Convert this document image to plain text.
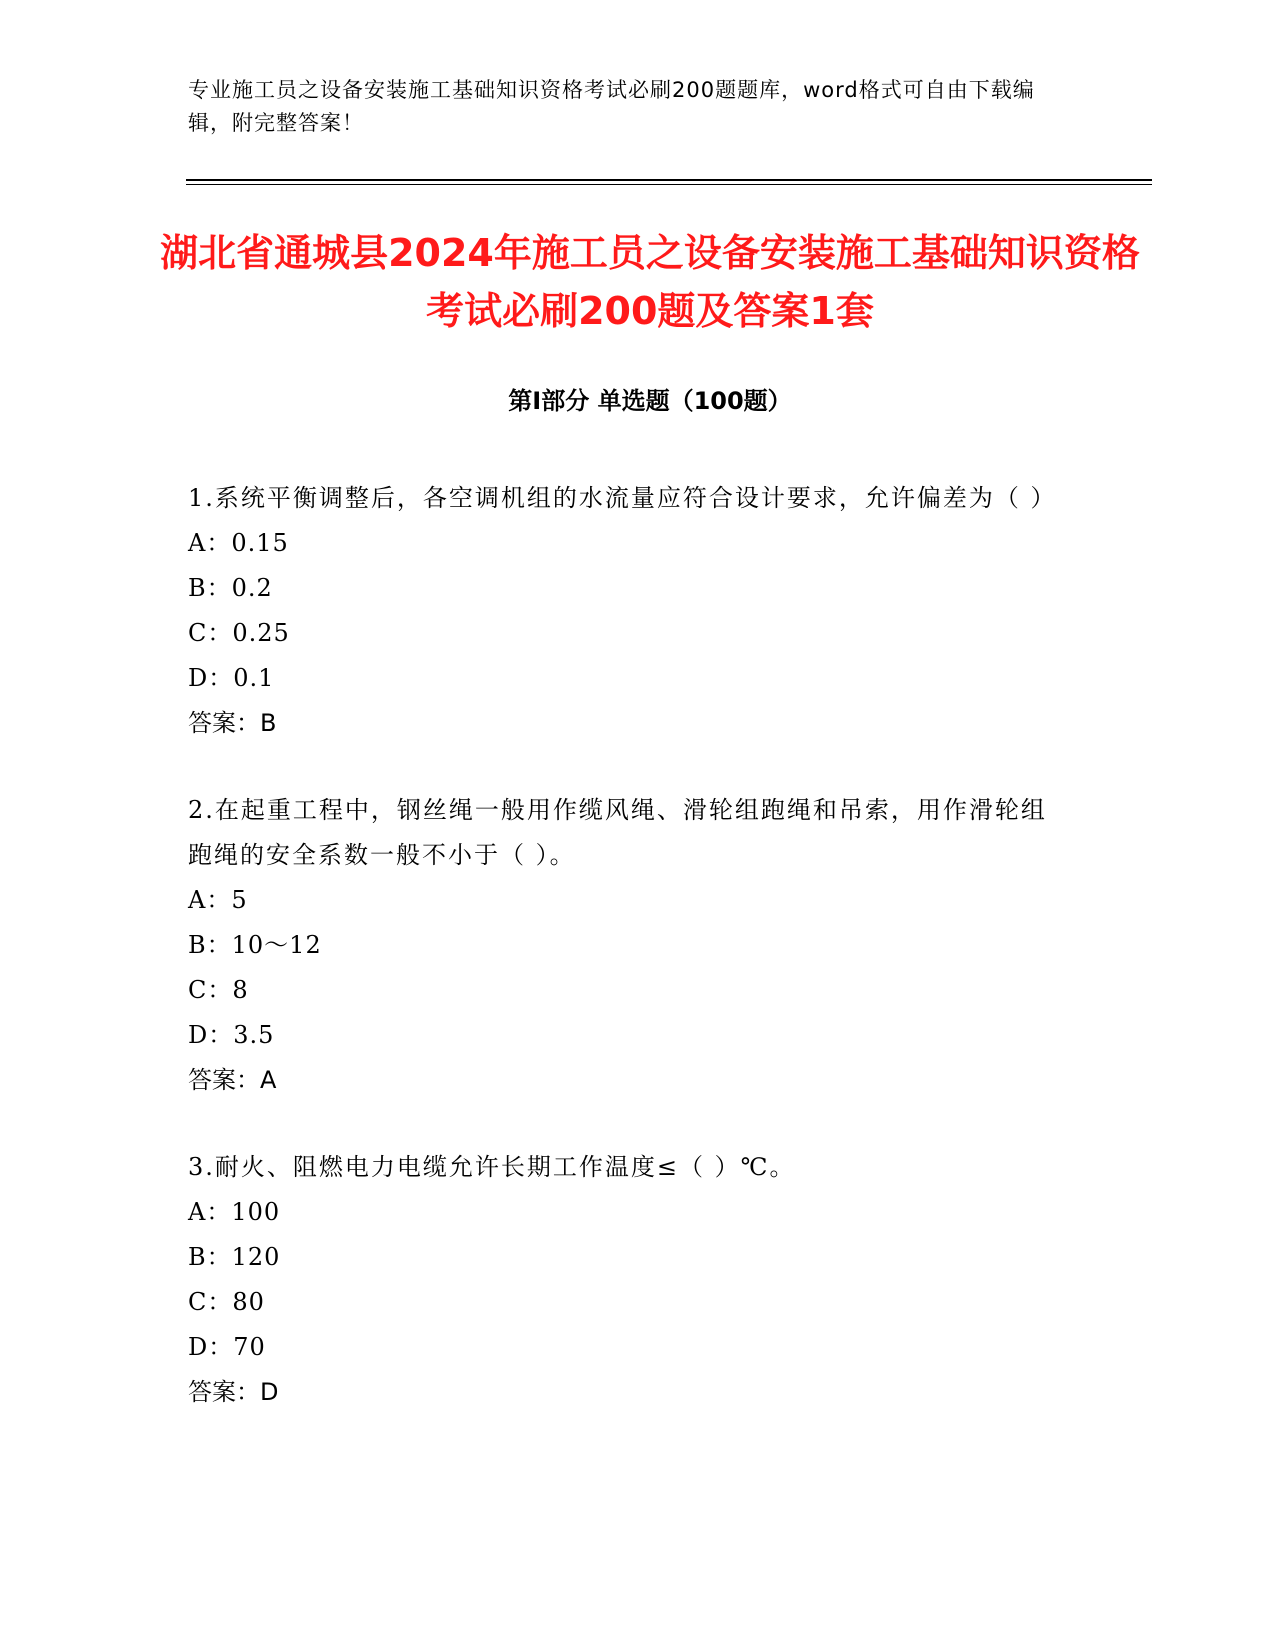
专业施工员之设备安装施工基础知识资格考试必刷200题题库，word格式可自由下载编辑，附完整答案！
湖北省通城县2024年施工员之设备安装施工基础知识资格考试必刷200题及答案1套
第Ⅰ部分 单选题（100题）

1.系统平衡调整后，各空调机组的水流量应符合设计要求，允许偏差为（ ）

A：0.15

B：0.2

C：0.25

D：0.1

答案：B

2.在起重工程中，钢丝绳一般用作缆风绳、滑轮组跑绳和吊索，用作滑轮组跑绳的安全系数一般不小于（ ）。

A：5

B：10～12

C：8

D：3.5

答案：A

3.耐火、阻燃电力电缆允许长期工作温度≤（ ）℃。

A：100

B：120

C：80

D：70

答案：D
